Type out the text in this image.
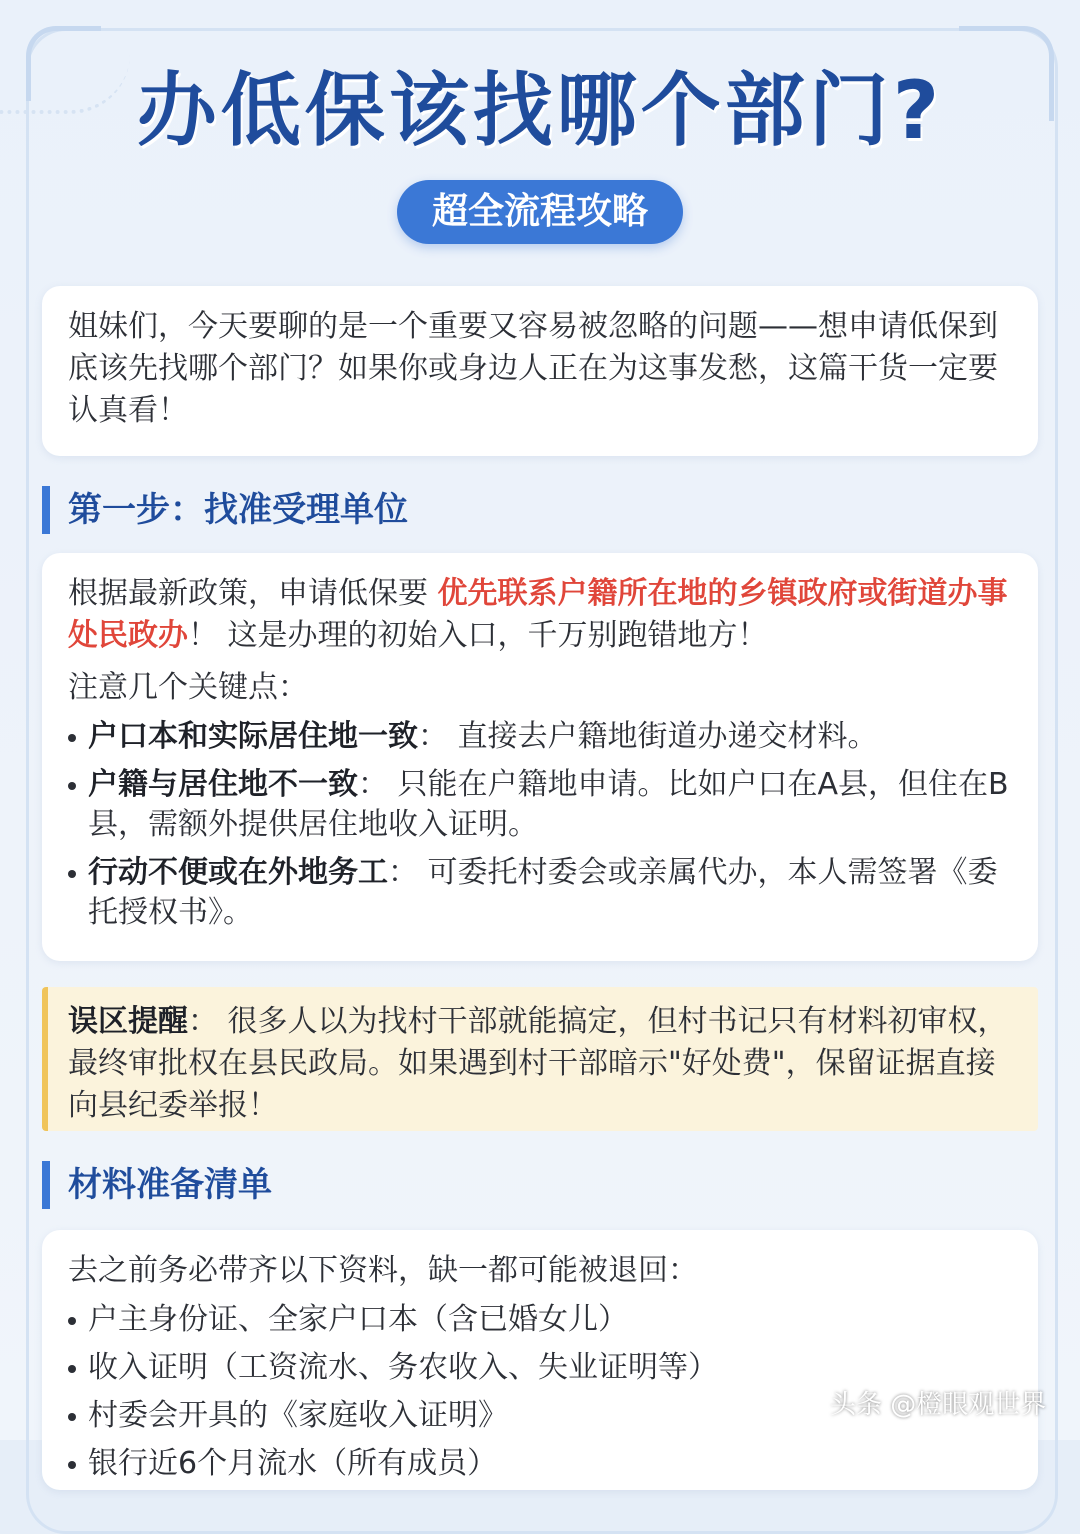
办低保该找哪个部门?
超全流程攻略

姐妹们，今天要聊的是一个重要又容易被忽略的问题——想申请低保到底该先找哪个部门？如果你或身边人正在为这事发愁，这篇干货一定要认真看！

第一步：找准受理单位

根据最新政策，申请低保要 优先联系户籍所在地的乡镇政府或街道办事处民政办！ 这是办理的初始入口，千万别跑错地方！

注意几个关键点：

户口本和实际居住地一致： 直接去户籍地街道办递交材料。
户籍与居住地不一致： 只能在户籍地申请。比如户口在A县，但住在B县，需额外提供居住地收入证明。
行动不便或在外地务工： 可委托村委会或亲属代办，本人需签署《委托授权书》。

误区提醒： 很多人以为找村干部就能搞定，但村书记只有材料初审权，最终审批权在县民政局。如果遇到村干部暗示"好处费"，保留证据直接向县纪委举报！

材料准备清单

去之前务必带齐以下资料，缺一都可能被退回：

户主身份证、全家户口本（含已婚女儿）
收入证明（工资流水、务农收入、失业证明等）
村委会开具的《家庭收入证明》
银行近6个月流水（所有成员）
头条 @橙眼观世界
